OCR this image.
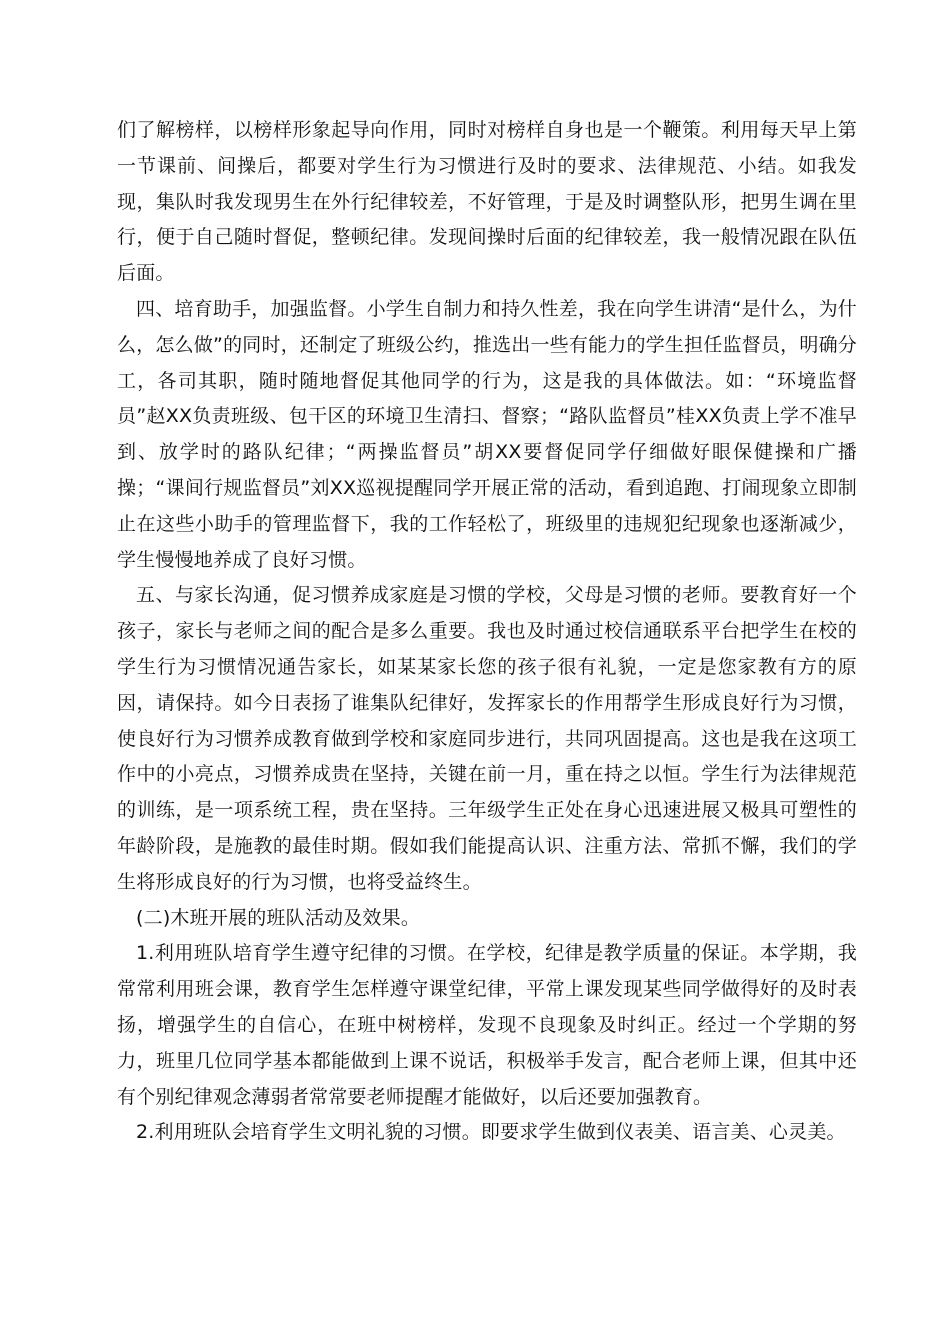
们了解榜样，以榜样形象起导向作用，同时对榜样自身也是一个鞭策。利用每天早上第一节课前、间操后，都要对学生行为习惯进行及时的要求、法律规范、小结。如我发现，集队时我发现男生在外行纪律较差，不好管理，于是及时调整队形，把男生调在里行，便于自己随时督促，整顿纪律。发现间操时后面的纪律较差，我一般情况跟在队伍后面。

四、培育助手，加强监督。小学生自制力和持久性差，我在向学生讲清“是什么，为什么，怎么做”的同时，还制定了班级公约，推选出一些有能力的学生担任监督员，明确分工，各司其职，随时随地督促其他同学的行为，这是我的具体做法。如：“环境监督员”赵XX负责班级、包干区的环境卫生清扫、督察；“路队监督员”桂XX负责上学不准早到、放学时的路队纪律；“两操监督员”胡XX要督促同学仔细做好眼保健操和广播操；“课间行规监督员”刘XX巡视提醒同学开展正常的活动，看到追跑、打闹现象立即制止在这些小助手的管理监督下，我的工作轻松了，班级里的违规犯纪现象也逐渐减少，学生慢慢地养成了良好习惯。

五、与家长沟通，促习惯养成家庭是习惯的学校，父母是习惯的老师。要教育好一个孩子，家长与老师之间的配合是多么重要。我也及时通过校信通联系平台把学生在校的学生行为习惯情况通告家长，如某某家长您的孩子很有礼貌，一定是您家教有方的原因，请保持。如今日表扬了谁集队纪律好，发挥家长的作用帮学生形成良好行为习惯，使良好行为习惯养成教育做到学校和家庭同步进行，共同巩固提高。这也是我在这项工作中的小亮点，习惯养成贵在坚持，关键在前一月，重在持之以恒。学生行为法律规范的训练，是一项系统工程，贵在坚持。三年级学生正处在身心迅速进展又极具可塑性的年龄阶段，是施教的最佳时期。假如我们能提高认识、注重方法、常抓不懈，我们的学生将形成良好的行为习惯，也将受益终生。

(二)木班开展的班队活动及效果。

1.利用班队培育学生遵守纪律的习惯。在学校，纪律是教学质量的保证。本学期，我常常利用班会课，教育学生怎样遵守课堂纪律，平常上课发现某些同学做得好的及时表扬，增强学生的自信心，在班中树榜样，发现不良现象及时纠正。经过一个学期的努力，班里几位同学基本都能做到上课不说话，积极举手发言，配合老师上课，但其中还有个别纪律观念薄弱者常常要老师提醒才能做好，以后还要加强教育。

2.利用班队会培育学生文明礼貌的习惯。即要求学生做到仪表美、语言美、心灵美。
